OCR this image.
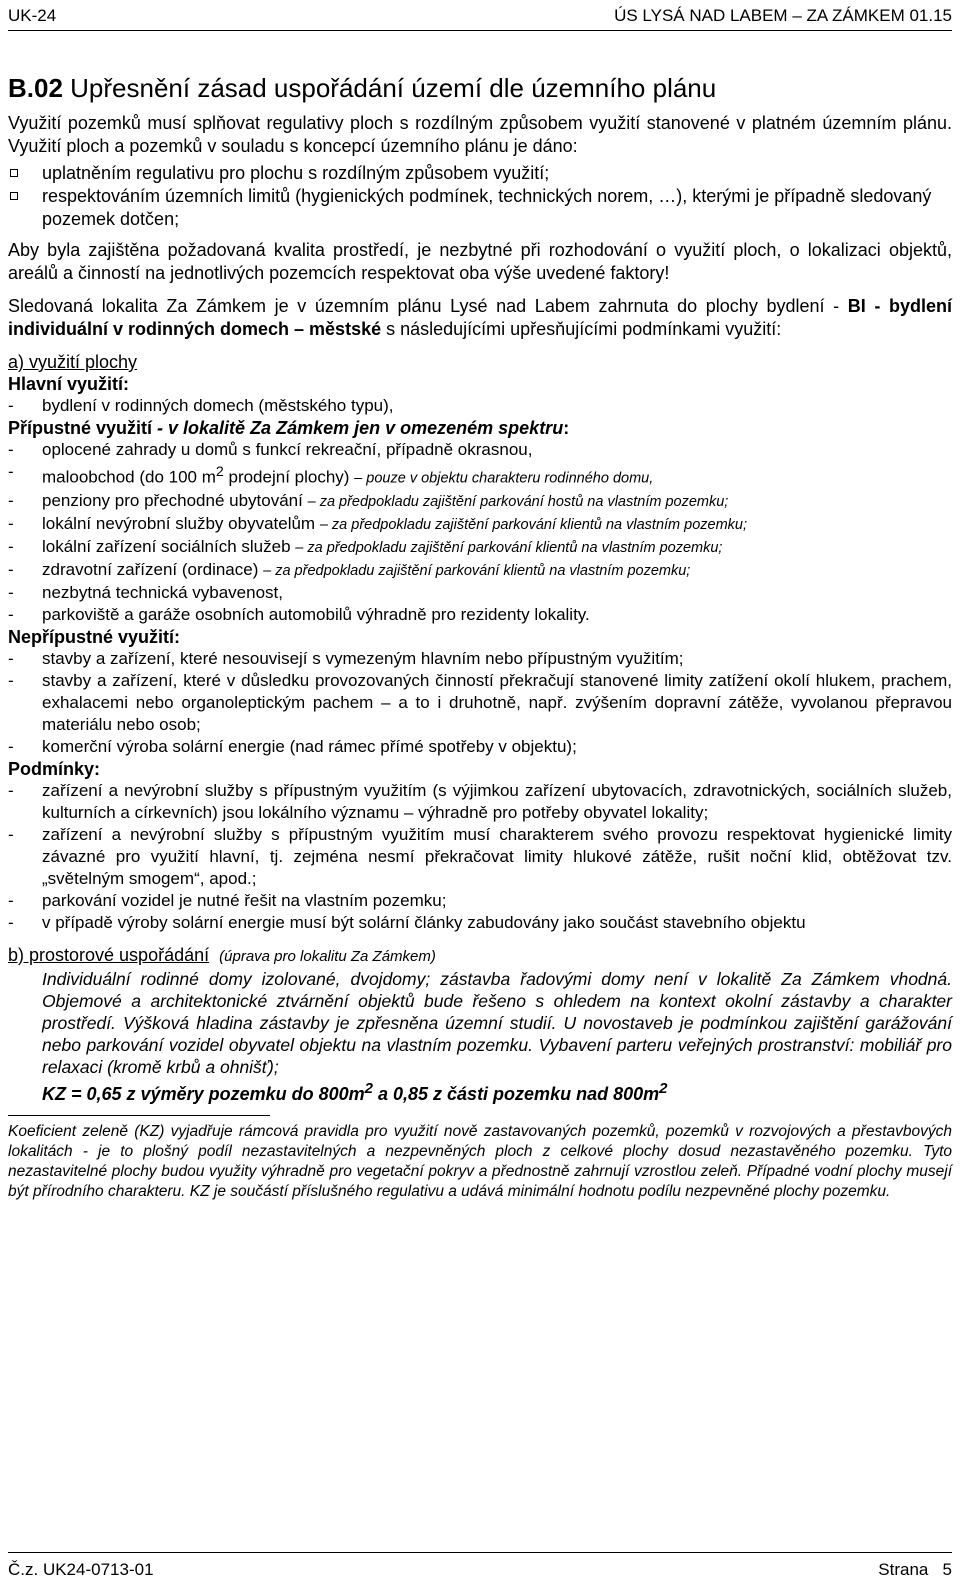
UK-24	ÚS LYSÁ NAD LABEM – ZA ZÁMKEM 01.15
B.02 Upřesnění zásad uspořádání území dle územního plánu

Využití pozemků musí splňovat regulativy ploch s rozdílným způsobem využití stanovené v platném územním plánu. Využití ploch a pozemků v souladu s koncepcí územního plánu je dáno:

uplatněním regulativu pro plochu s rozdílným způsobem využití;
respektováním územních limitů (hygienických podmínek, technických norem, …), kterými je případně sledovaný pozemek dotčen;

Aby byla zajištěna požadovaná kvalita prostředí, je nezbytné při rozhodování o využití ploch, o lokalizaci objektů, areálů a činností na jednotlivých pozemcích respektovat oba výše uvedené faktory!

Sledovaná lokalita Za Zámkem je v územním plánu Lysé nad Labem zahrnuta do plochy bydlení - BI - bydlení individuální v rodinných domech – městské s následujícími upřesňujícími podmínkami využití:

a) využití plochy
Hlavní využití:
- bydlení v rodinných domech (městského typu),
Přípustné využití - v lokalitě Za Zámkem jen v omezeném spektru:
- oplocené zahrady u domů s funkcí rekreační, případně okrasnou,
- maloobchod (do 100 $m^2$ prodejní plochy) – pouze v objektu charakteru rodinného domu,
- penziony pro přechodné ubytování – za předpokladu zajištění parkování hostů na vlastním pozemku;
- lokální nevýrobní služby obyvatelům – za předpokladu zajištění parkování klientů na vlastním pozemku;
- lokální zařízení sociálních služeb – za předpokladu zajištění parkování klientů na vlastním pozemku;
- zdravotní zařízení (ordinace) – za předpokladu zajištění parkování klientů na vlastním pozemku;
- nezbytná technická vybavenost,
- parkoviště a garáže osobních automobilů výhradně pro rezidenty lokality.
Nepřípustné využití:
- stavby a zařízení, které nesouvisejí s vymezeným hlavním nebo přípustným využitím;
- stavby a zařízení, které v důsledku provozovaných činností překračují stanovené limity zatížení okolí hlukem, prachem, exhalacemi nebo organoleptickým pachem – a to i druhotně, např. zvýšením dopravní zátěže, vyvolanou přepravou materiálu nebo osob;
- komerční výroba solární energie (nad rámec přímé spotřeby v objektu);
Podmínky:
- zařízení a nevýrobní služby s přípustným využitím (s výjimkou zařízení ubytovacích, zdravotnických, sociálních služeb, kulturních a církevních) jsou lokálního významu – výhradně pro potřeby obyvatel lokality;
- zařízení a nevýrobní služby s přípustným využitím musí charakterem svého provozu respektovat hygienické limity závazné pro využití hlavní, tj. zejména nesmí překračovat limity hlukové zátěže, rušit noční klid, obtěžovat tzv. „světelným smogem“, apod.;
- parkování vozidel je nutné řešit na vlastním pozemku;
- v případě výroby solární energie musí být solární články zabudovány jako součást stavebního objektu
b) prostorové uspořádání (úprava pro lokalitu Za Zámkem)

Individuální rodinné domy izolované, dvojdomy; zástavba řadovými domy není v lokalitě Za Zámkem vhodná. Objemové a architektonické ztvárnění objektů bude řešeno s ohledem na kontext okolní zástavby a charakter prostředí. Výšková hladina zástavby je zpřesněna územní studií. U novostaveb je podmínkou zajištění garážování nebo parkování vozidel obyvatel objektu na vlastním pozemku. Vybavení parteru veřejných prostranství: mobiliář pro relaxaci (kromě krbů a ohnišť);

KZ = 0,65 z výměry pozemku do $800m^2$ a 0,85 z části pozemku nad $800m^2$

Koeficient zeleně (KZ) vyjadřuje rámcová pravidla pro využití nově zastavovaných pozemků, pozemků v rozvojových a přestavbových lokalitách - je to plošný podíl nezastavitelných a nezpevněných ploch z celkové plochy dosud nezastavěného pozemku. Tyto nezastavitelné plochy budou využity výhradně pro vegetační pokryv a přednostně zahrnují vzrostlou zeleň. Případné vodní plochy musejí být přírodního charakteru. KZ je součástí příslušného regulativu a udává minimální hodnotu podílu nezpevněné plochy pozemku.

Č.z. UK24-0713-01	Strana 5
